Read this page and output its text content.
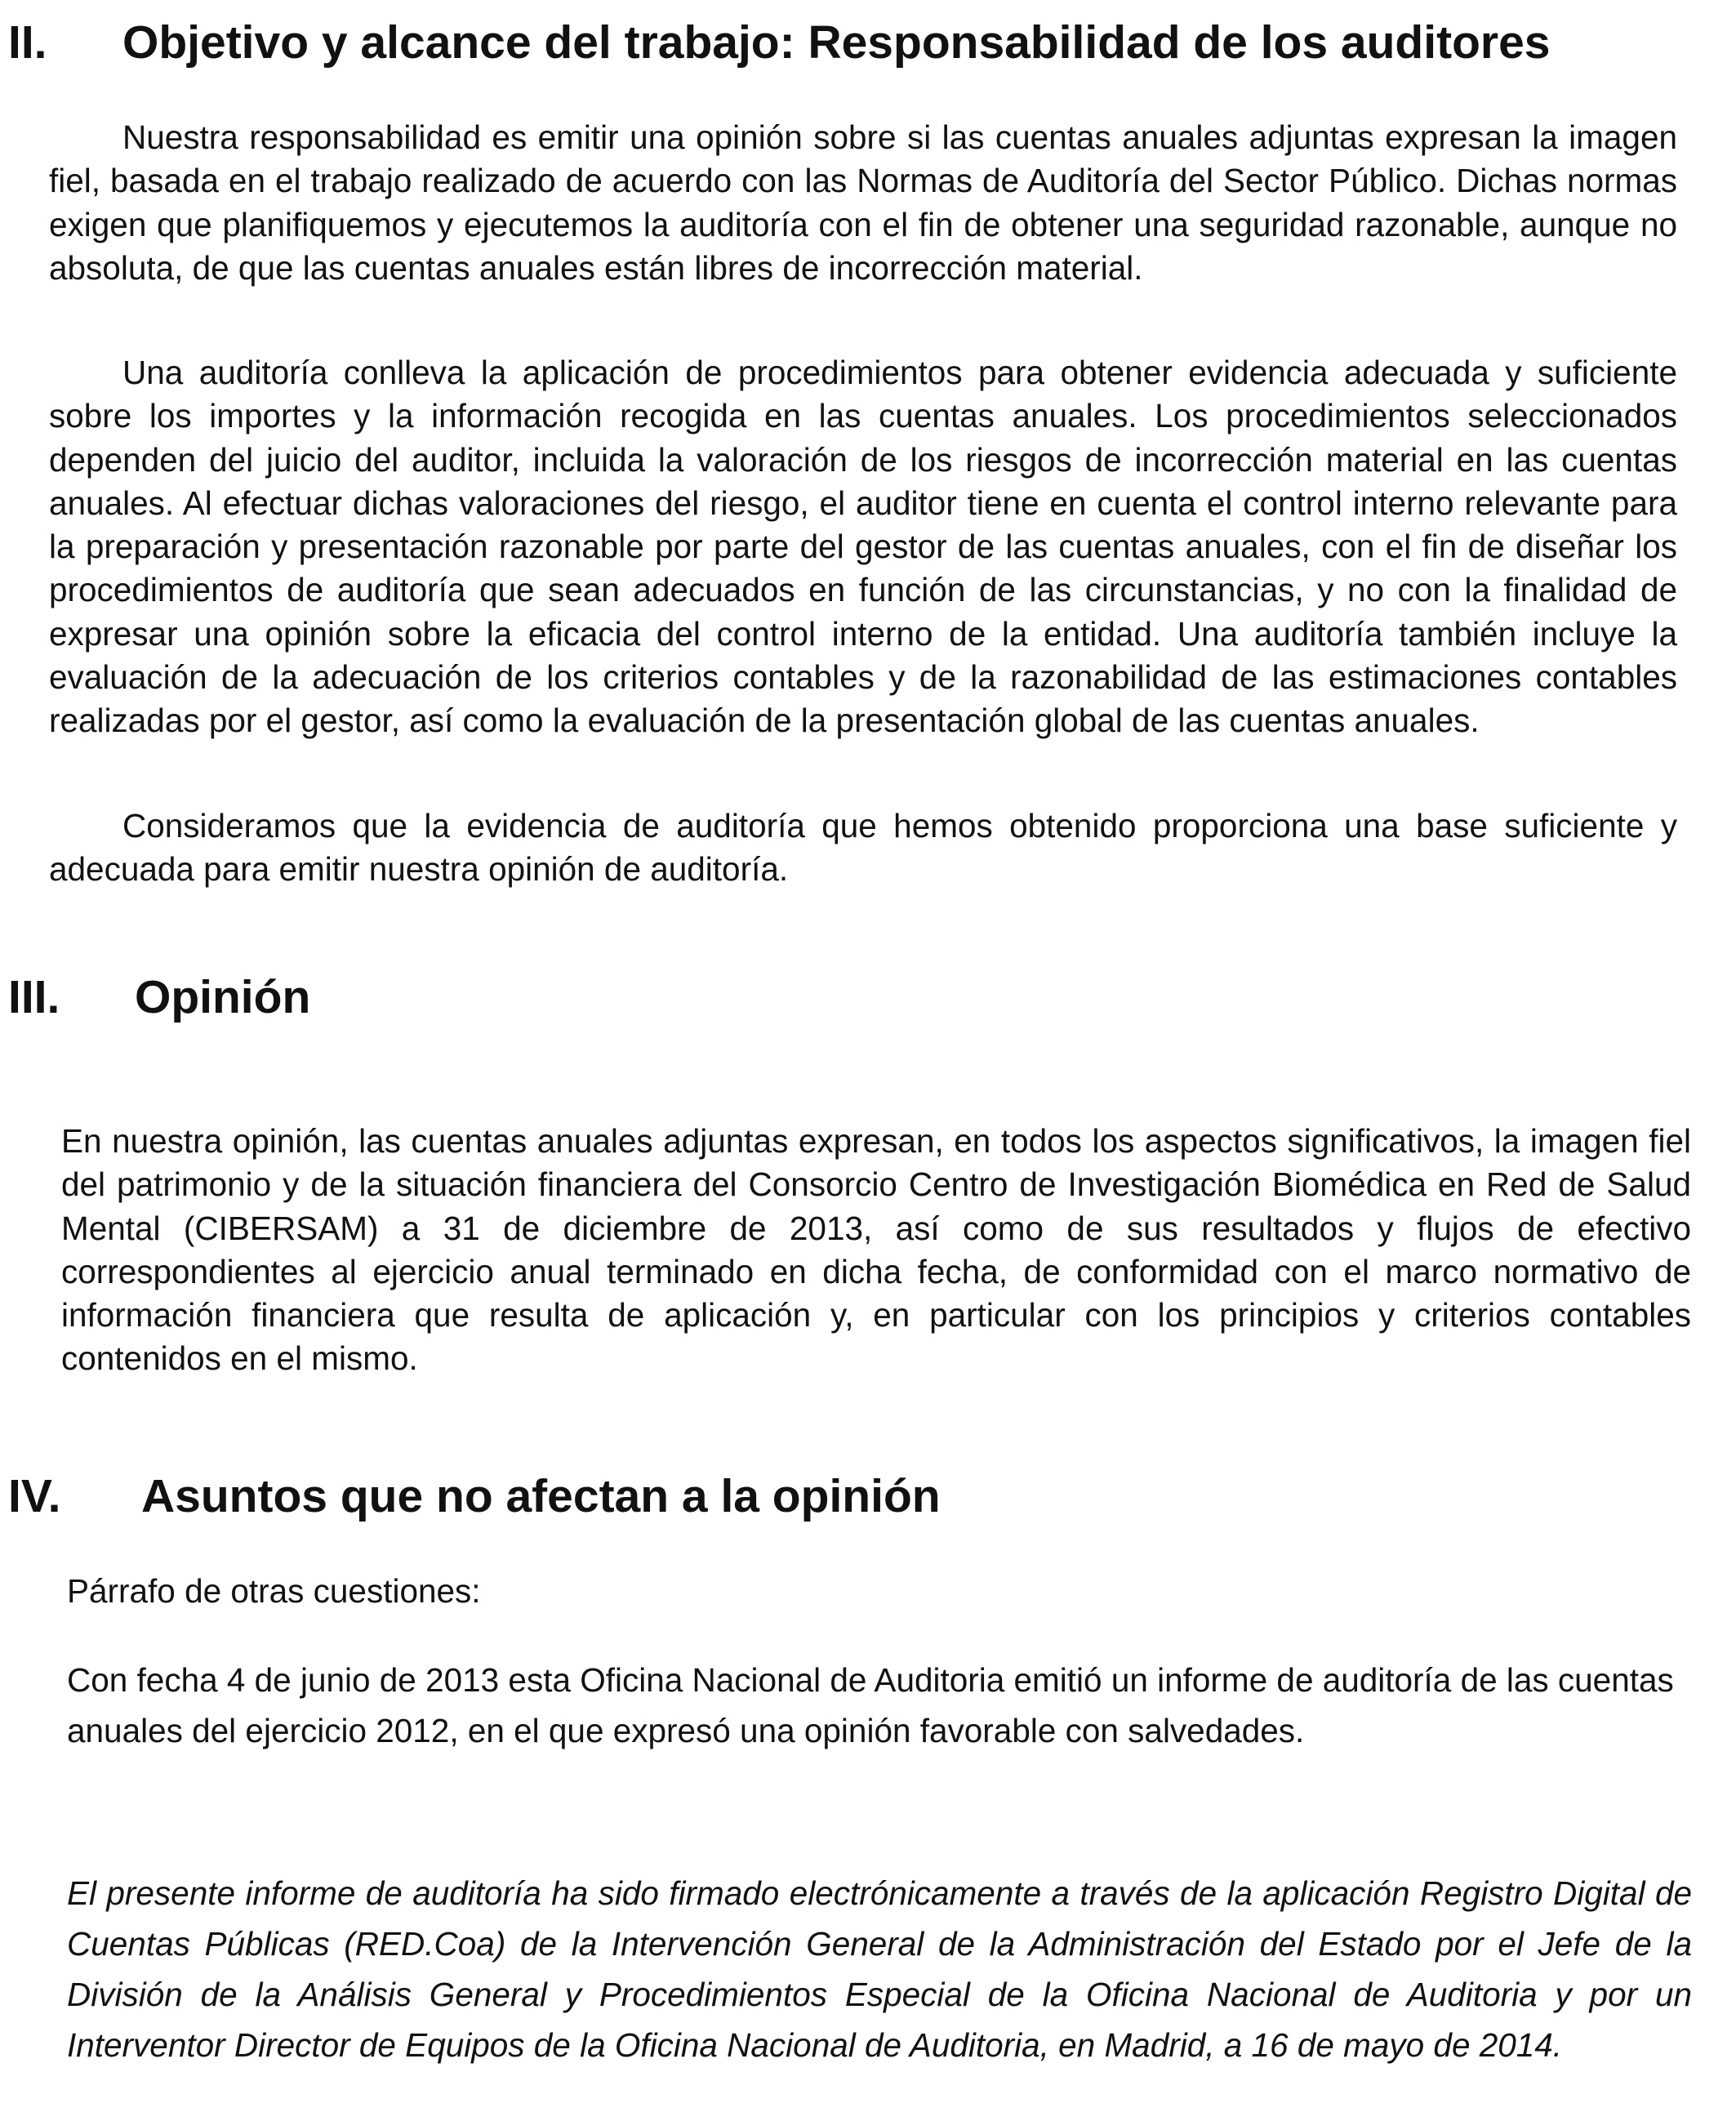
II. Objetivo y alcance del trabajo: Responsabilidad de los auditores

Nuestra responsabilidad es emitir una opinión sobre si las cuentas anuales adjuntas expresan la imagen fiel, basada en el trabajo realizado de acuerdo con las Normas de Auditoría del Sector Público. Dichas normas exigen que planifiquemos y ejecutemos la auditoría con el fin de obtener una seguridad razonable, aunque no absoluta, de que las cuentas anuales están libres de incorrección material.

Una auditoría conlleva la aplicación de procedimientos para obtener evidencia adecuada y suficiente sobre los importes y la información recogida en las cuentas anuales. Los procedimientos seleccionados dependen del juicio del auditor, incluida la valoración de los riesgos de incorrección material en las cuentas anuales. Al efectuar dichas valoraciones del riesgo, el auditor tiene en cuenta el control interno relevante para la preparación y presentación razonable por parte del gestor de las cuentas anuales, con el fin de diseñar los procedimientos de auditoría que sean adecuados en función de las circunstancias, y no con la finalidad de expresar una opinión sobre la eficacia del control interno de la entidad. Una auditoría también incluye la evaluación de la adecuación de los criterios contables y de la razonabilidad de las estimaciones contables realizadas por el gestor, así como la evaluación de la presentación global de las cuentas anuales.

Consideramos que la evidencia de auditoría que hemos obtenido proporciona una base suficiente y adecuada para emitir nuestra opinión de auditoría.

III. Opinión

En nuestra opinión, las cuentas anuales adjuntas expresan, en todos los aspectos significativos, la imagen fiel del patrimonio y de la situación financiera del Consorcio Centro de Investigación Biomédica en Red de Salud Mental (CIBERSAM) a 31 de diciembre de 2013, así como de sus resultados y flujos de efectivo correspondientes al ejercicio anual terminado en dicha fecha, de conformidad con el marco normativo de información financiera que resulta de aplicación y, en particular con los principios y criterios contables contenidos en el mismo.

IV. Asuntos que no afectan a la opinión

Párrafo de otras cuestiones:

Con fecha 4 de junio de 2013 esta Oficina Nacional de Auditoria emitió un informe de auditoría de las cuentas anuales del ejercicio 2012, en el que expresó una opinión favorable con salvedades.

El presente informe de auditoría ha sido firmado electrónicamente a través de la aplicación Registro Digital de Cuentas Públicas (RED.Coa) de la Intervención General de la Administración del Estado por el Jefe de la División de la Análisis General y Procedimientos Especial de la Oficina Nacional de Auditoria y por un Interventor Director de Equipos de la Oficina Nacional de Auditoria, en Madrid, a 16 de mayo de 2014.
